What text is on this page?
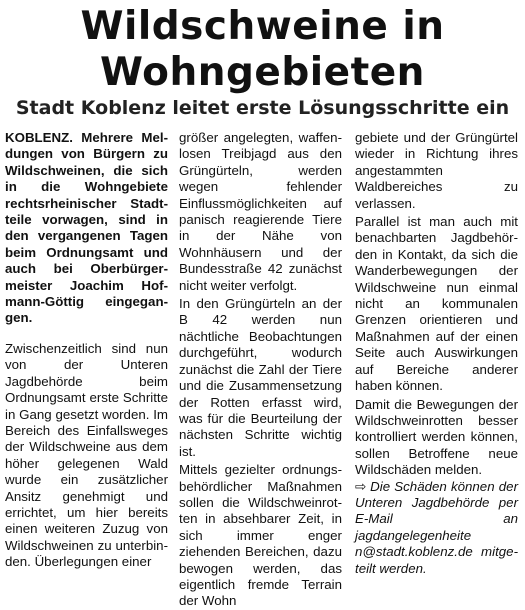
Wildschweine in
Wohngebieten
Stadt Koblenz leitet erste Lösungsschritte ein

KOBLENZ. Mehrere Meldungen von Bürgern zu Wildschweinen, die sich in die Wohngebiete rechtsrheinischer Stadtteile vorwagen, sind in den vergangenen Tagen beim Ordnungsamt und auch bei Oberbürgermeister Joachim Hofmann-Göttig eingegangen.

Zwischenzeitlich sind nun von der Unteren Jagdbehörde beim Ordnungsamt erste Schritte in Gang gesetzt worden. Im Bereich des Einfallsweges der Wildschweine aus dem höher gelegenen Wald wurde ein zusätzlicher Ansitz genehmigt und errichtet, um hier bereits einen weiteren Zuzug von Wildschweinen zu unterbinden. Überlegungen einer

größer angelegten, waffenlosen Treibjagd aus den Grüngürteln, werden wegen fehlender Einflussmöglichkeiten auf panisch reagierende Tiere in der Nähe von Wohnhäusern und der Bundesstraße 42 zunächst nicht weiter verfolgt.

In den Grüngürteln an der B 42 werden nun nächtliche Beobachtungen durchgeführt, wodurch zunächst die Zahl der Tiere und die Zusammensetzung der Rotten erfasst wird, was für die Beurteilung der nächsten Schritte wichtig ist.

Mittels gezielter ordnungsbehördlicher Maßnahmen sollen die Wildschweinrotten in absehbarer Zeit, in sich immer enger ziehenden Bereichen, dazu bewogen werden, das eigentlich fremde Terrain der Wohn

gebiete und der Grüngürtel wieder in Richtung ihres angestammten Waldbereiches zu verlassen.

Parallel ist man auch mit benachbarten Jagdbehörden in Kontakt, da sich die Wanderbewegungen der Wildschweine nun einmal nicht an kommunalen Grenzen orientieren und Maßnahmen auf der einen Seite auch Auswirkungen auf Bereiche anderer haben können.

Damit die Bewegungen der Wildschweinrotten besser kontrolliert werden können, sollen Betroffene neue Wildschäden melden.

⇨ Die Schäden können der Unteren Jagdbehörde per E-Mail an jagdangelegenheite n@stadt.koblenz.de mitgeteilt werden.
